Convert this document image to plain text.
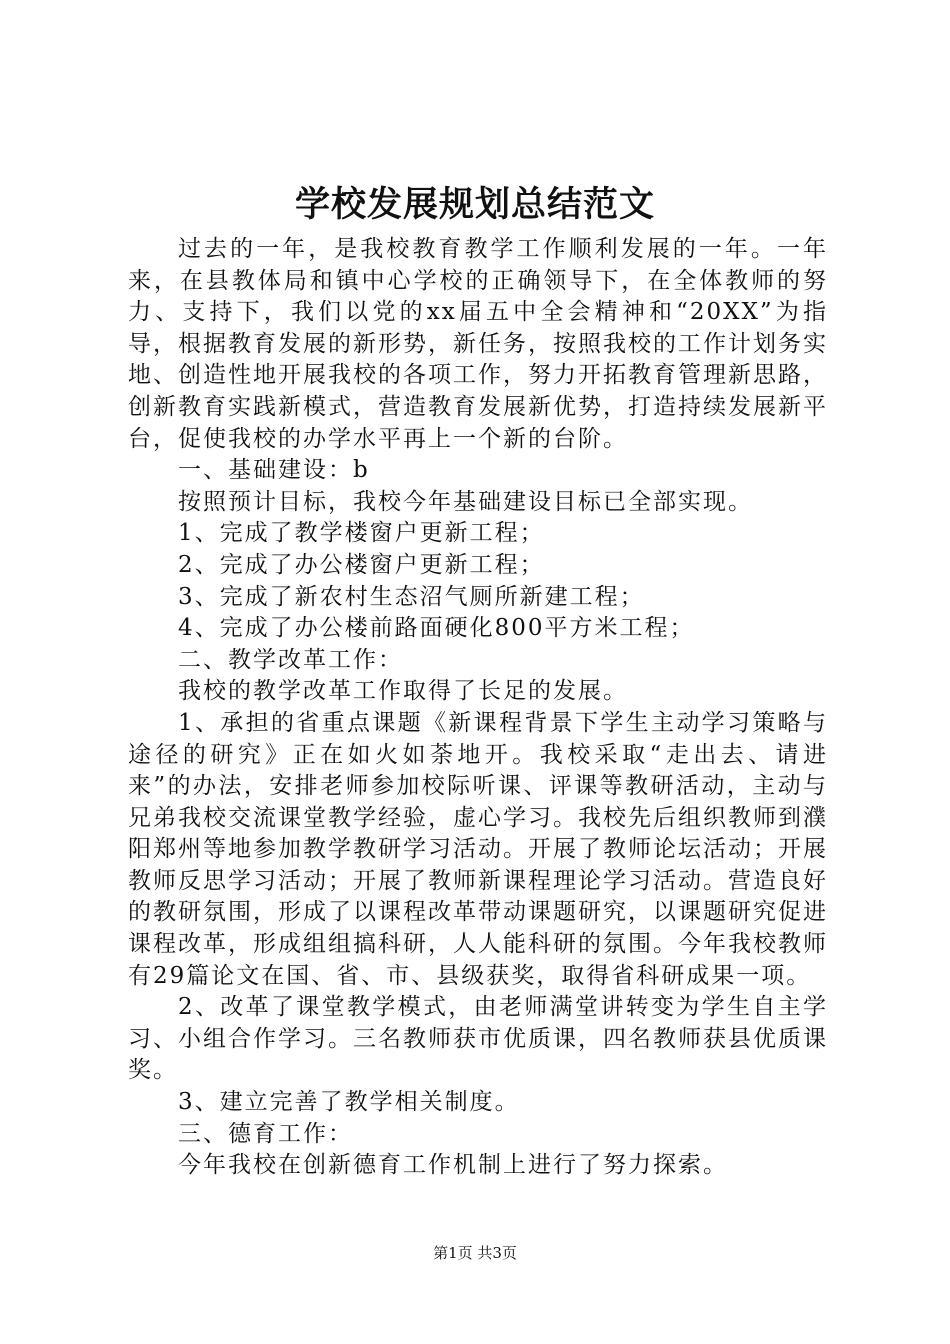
学校发展规划总结范文

过去的一年，是我校教育教学工作顺利发展的一年。一年来，在县教体局和镇中心学校的正确领导下，在全体教师的努力、支持下，我们以党的xx届五中全会精神和“20XX”为指导，根据教育发展的新形势，新任务，按照我校的工作计划务实地、创造性地开展我校的各项工作，努力开拓教育管理新思路，创新教育实践新模式，营造教育发展新优势，打造持续发展新平台，促使我校的办学水平再上一个新的台阶。

一、基础建设：b

按照预计目标，我校今年基础建设目标已全部实现。

1、完成了教学楼窗户更新工程；

2、完成了办公楼窗户更新工程；

3、完成了新农村生态沼气厕所新建工程；

4、完成了办公楼前路面硬化800平方米工程；

二、教学改革工作：

我校的教学改革工作取得了长足的发展。

1、承担的省重点课题《新课程背景下学生主动学习策略与途径的研究》正在如火如荼地开。我校采取“走出去、请进来”的办法，安排老师参加校际听课、评课等教研活动，主动与兄弟我校交流课堂教学经验，虚心学习。我校先后组织教师到濮阳郑州等地参加教学教研学习活动。开展了教师论坛活动；开展教师反思学习活动；开展了教师新课程理论学习活动。营造良好的教研氛围，形成了以课程改革带动课题研究，以课题研究促进课程改革，形成组组搞科研，人人能科研的氛围。今年我校教师有29篇论文在国、省、市、县级获奖，取得省科研成果一项。

2、改革了课堂教学模式，由老师满堂讲转变为学生自主学习、小组合作学习。三名教师获市优质课，四名教师获县优质课奖。

3、建立完善了教学相关制度。

三、德育工作：

今年我校在创新德育工作机制上进行了努力探索。

第1页 共3页
